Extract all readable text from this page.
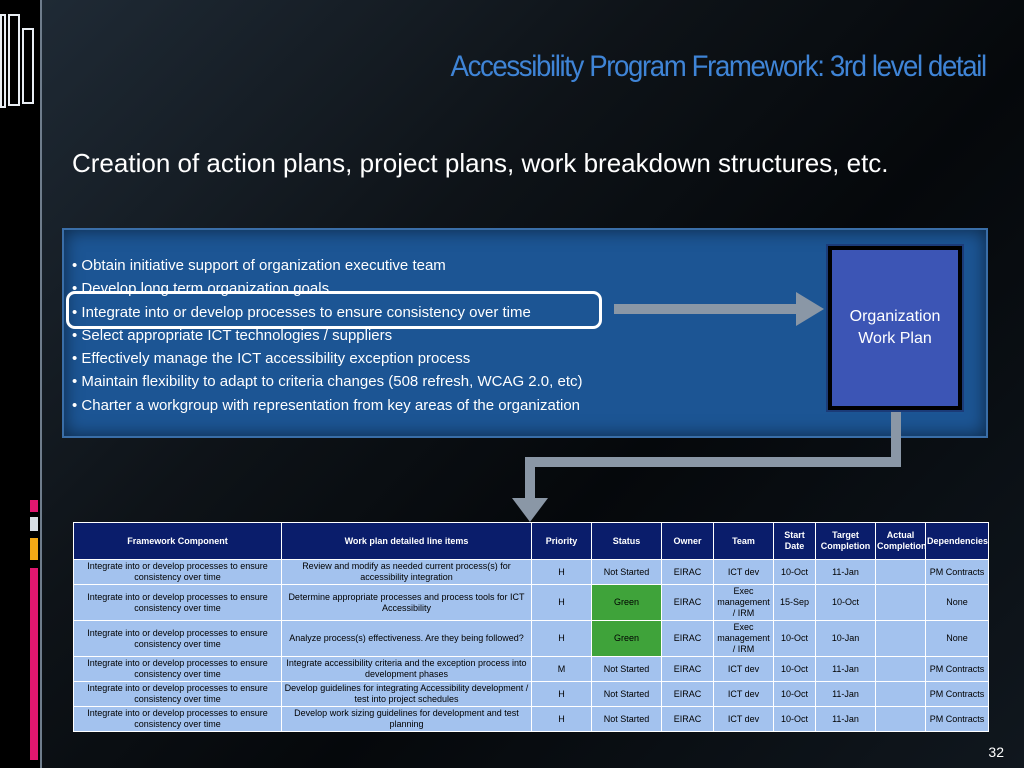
Accessibility Program Framework: 3rd level detail
Creation of action plans, project plans, work breakdown structures, etc.
• Obtain initiative support of organization executive team
• Develop long term organization goals
• Integrate into or develop processes to ensure consistency over time
• Select appropriate ICT technologies / suppliers
• Effectively manage the ICT accessibility exception process
• Maintain flexibility to adapt to criteria changes (508 refresh, WCAG 2.0, etc)
• Charter a workgroup with representation from key areas of the organization
Organization
Work Plan
Framework Component	Work plan detailed line items	Priority	Status	Owner	Team	Start Date	Target Completion	Actual Completion	Dependencies
Integrate into or develop processes to ensure consistency over time	Review and modify as needed current process(s) for accessibility integration	H	Not Started	EIRAC	ICT dev	10-Oct	11-Jan		PM Contracts
Integrate into or develop processes to ensure consistency over time	Determine appropriate processes and process tools for ICT Accessibility	H	Green	EIRAC	Exec management / IRM	15-Sep	10-Oct		None
Integrate into or develop processes to ensure consistency over time	Analyze process(s) effectiveness. Are they being followed?	H	Green	EIRAC	Exec management / IRM	10-Oct	10-Jan		None
Integrate into or develop processes to ensure consistency over time	Integrate accessibility criteria and the exception process into development phases	M	Not Started	EIRAC	ICT dev	10-Oct	11-Jan		PM Contracts
Integrate into or develop processes to ensure consistency over time	Develop guidelines for integrating Accessibility development / test into project schedules	H	Not Started	EIRAC	ICT dev	10-Oct	11-Jan		PM Contracts
Integrate into or develop processes to ensure consistency over time	Develop work sizing guidelines for development and test planning	H	Not Started	EIRAC	ICT dev	10-Oct	11-Jan		PM Contracts
32
